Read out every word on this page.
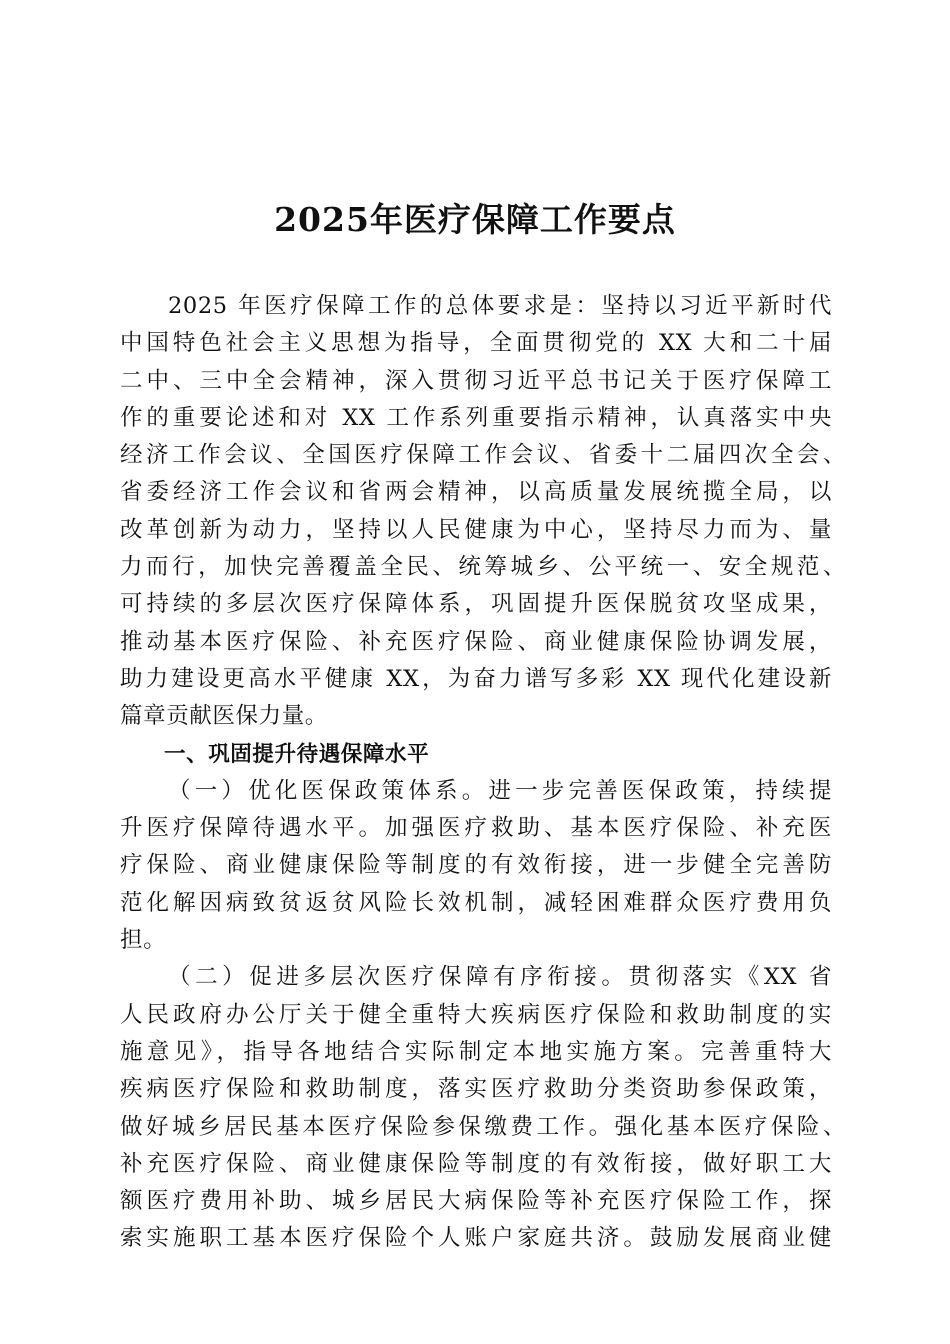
2025年医疗保障工作要点
2025 年医疗保障工作的总体要求是：坚持以习近平新时代
中国特色社会主义思想为指导，全面贯彻党的 XX 大和二十届
二中、三中全会精神，深入贯彻习近平总书记关于医疗保障工
作的重要论述和对 XX 工作系列重要指示精神，认真落实中央
经济工作会议、全国医疗保障工作会议、省委十二届四次全会、
省委经济工作会议和省两会精神，以高质量发展统揽全局，以
改革创新为动力，坚持以人民健康为中心，坚持尽力而为、量
力而行，加快完善覆盖全民、统筹城乡、公平统一、安全规范、
可持续的多层次医疗保障体系，巩固提升医保脱贫攻坚成果，
推动基本医疗保险、补充医疗保险、商业健康保险协调发展，
助力建设更高水平健康 XX，为奋力谱写多彩 XX 现代化建设新
篇章贡献医保力量。
一、巩固提升待遇保障水平
（一）优化医保政策体系。进一步完善医保政策，持续提
升医疗保障待遇水平。加强医疗救助、基本医疗保险、补充医
疗保险、商业健康保险等制度的有效衔接，进一步健全完善防
范化解因病致贫返贫风险长效机制，减轻困难群众医疗费用负
担。
（二）促进多层次医疗保障有序衔接。贯彻落实《XX 省
人民政府办公厅关于健全重特大疾病医疗保险和救助制度的实
施意见》，指导各地结合实际制定本地实施方案。完善重特大
疾病医疗保险和救助制度，落实医疗救助分类资助参保政策，
做好城乡居民基本医疗保险参保缴费工作。强化基本医疗保险、
补充医疗保险、商业健康保险等制度的有效衔接，做好职工大
额医疗费用补助、城乡居民大病保险等补充医疗保险工作，探
索实施职工基本医疗保险个人账户家庭共济。鼓励发展商业健
